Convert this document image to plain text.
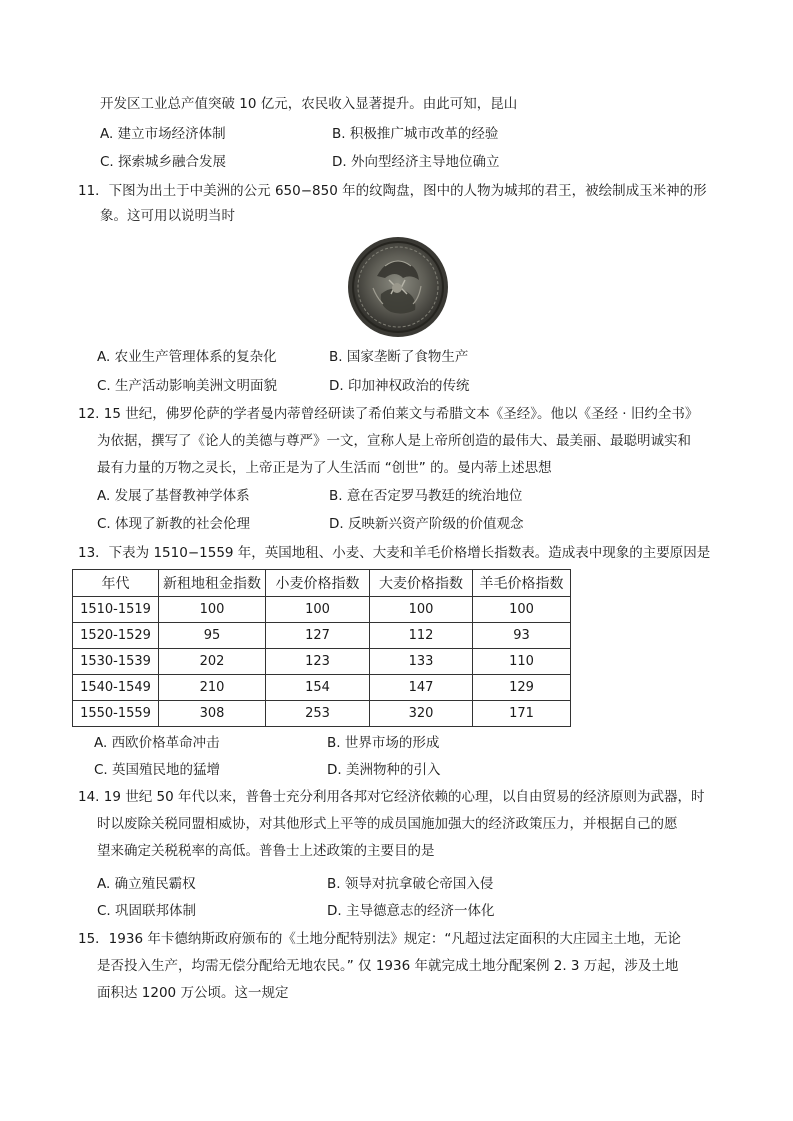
开发区工业总产值突破 10 亿元，农民收入显著提升。由此可知，昆山
A. 建立市场经济体制	B. 积极推广城市改革的经验
C. 探索城乡融合发展	D. 外向型经济主导地位确立
11．下图为出土于中美洲的公元 650−850 年的纹陶盘，图中的人物为城邦的君王，被绘制成玉米神的形
象。这可用以说明当时
A. 农业生产管理体系的复杂化	B. 国家垄断了食物生产
C. 生产活动影响美洲文明面貌	D. 印加神权政治的传统
12. 15 世纪，佛罗伦萨的学者曼内蒂曾经研读了希伯莱文与希腊文本《圣经》。他以《圣经 · 旧约全书》
为依据，撰写了《论人的美德与尊严》一文，宣称人是上帝所创造的最伟大、最美丽、最聪明诚实和
最有力量的万物之灵长，上帝正是为了人生活而 “创世” 的。曼内蒂上述思想
A. 发展了基督教神学体系	B. 意在否定罗马教廷的统治地位
C. 体现了新教的社会伦理	D. 反映新兴资产阶级的价值观念
13．下表为 1510−1559 年，英国地租、小麦、大麦和羊毛价格增长指数表。造成表中现象的主要原因是
年代	新租地租金指数	小麦价格指数	大麦价格指数	羊毛价格指数
1510-1519	100	100	100	100
1520-1529	95	127	112	93
1530-1539	202	123	133	110
1540-1549	210	154	147	129
1550-1559	308	253	320	171
A. 西欧价格革命冲击	B. 世界市场的形成
C. 英国殖民地的猛增	D. 美洲物种的引入
14. 19 世纪 50 年代以来，普鲁士充分利用各邦对它经济依赖的心理，以自由贸易的经济原则为武器，时
时以废除关税同盟相威协，对其他形式上平等的成员国施加强大的经济政策压力，并根据自己的愿
望来确定关税税率的高低。普鲁士上述政策的主要目的是
A. 确立殖民霸权	B. 领导对抗拿破仑帝国入侵
C. 巩固联邦体制	D. 主导德意志的经济一体化
15．1936 年卡德纳斯政府颁布的《土地分配特别法》规定：“凡超过法定面积的大庄园主土地，无论
是否投入生产，均需无偿分配给无地农民。” 仅 1936 年就完成土地分配案例 2. 3 万起，涉及土地
面积达 1200 万公顷。这一规定
